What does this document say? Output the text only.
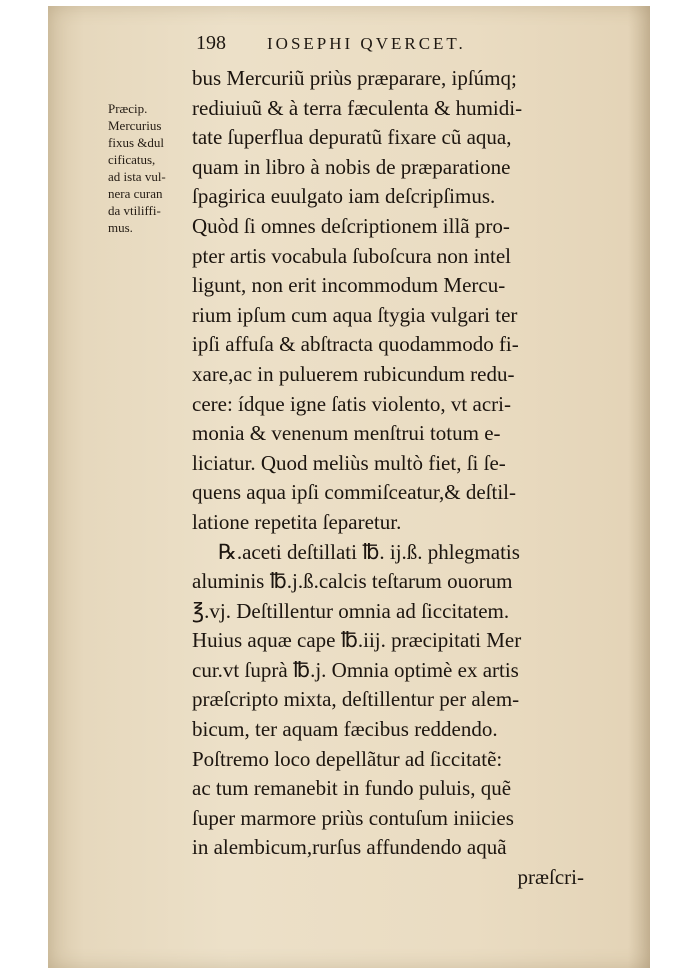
198 IOSEPHI QVERCET.
Præcip.
Mercurius
fixus &dul
cificatus,
ad ista vul-
nera curan
da vtiliffi-
mus.
bus Mercuriũ priùs præparare, ipſúmq;
rediuiuũ & à terra fæculenta & humidi-
tate ſuperflua depuratũ fixare cũ aqua,
quam in libro à nobis de præparatione
ſpagirica euulgato iam deſcripſimus.
Quòd ſi omnes deſcriptionem illã pro-
pter artis vocabula ſuboſcura non intel
ligunt, non erit incommodum Mercu-
rium ipſum cum aqua ſtygia vulgari ter
ipſi affuſa & abſtracta quodammodo fi-
xare,ac in puluerem rubicundum redu-
cere: ídque igne ſatis violento, vt acri-
monia & venenum menſtrui totum e-
liciatur. Quod meliùs multò fiet, ſi ſe-
quens aqua ipſi commiſceatur,& deſtil-
latione repetita ſeparetur.
℞.aceti deſtillati ℔. ij.ß. phlegmatis
aluminis ℔.j.ß.calcis teſtarum ouorum
℥.vj. Deſtillentur omnia ad ſiccitatem.
Huius aquæ cape ℔.iij. præcipitati Mer
cur.vt ſuprà ℔.j. Omnia optimè ex artis
præſcripto mixta, deſtillentur per alem-
bicum, ter aquam fæcibus reddendo.
Poſtremo loco depellãtur ad ſiccitatẽ:
ac tum remanebit in fundo puluis, quẽ
ſuper marmore priùs contuſum iniicies
in alembicum,rurſus affundendo aquã
præſcri-
